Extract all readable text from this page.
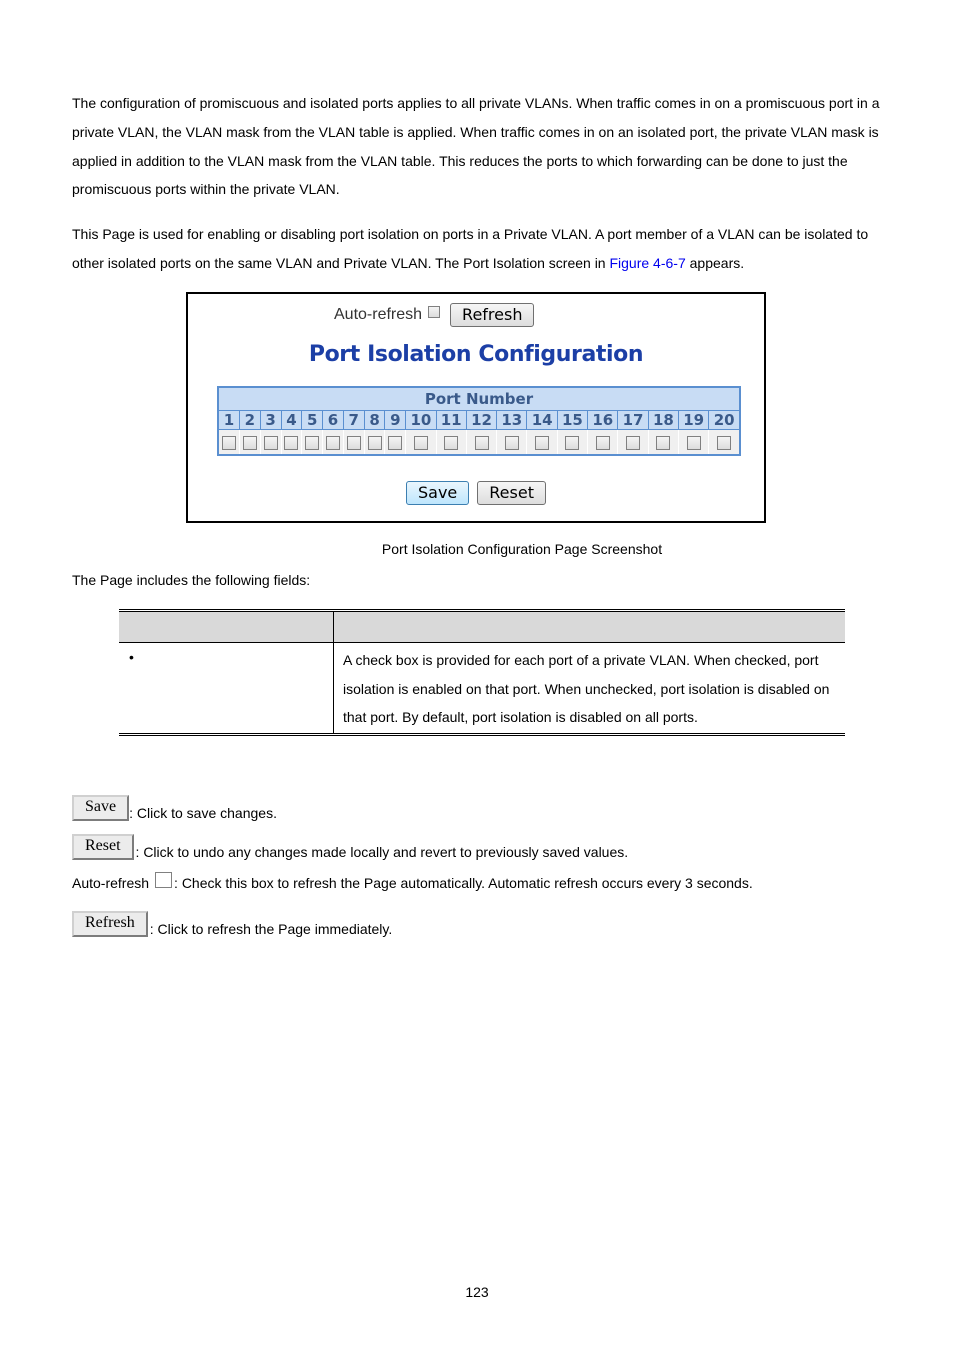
The configuration of promiscuous and isolated ports applies to all private VLANs. When traffic comes in on a promiscuous port in a private VLAN, the VLAN mask from the VLAN table is applied. When traffic comes in on an isolated port, the private VLAN mask is applied in addition to the VLAN mask from the VLAN table. This reduces the ports to which forwarding can be done to just the promiscuous ports within the private VLAN.

This Page is used for enabling or disabling port isolation on ports in a Private VLAN. A port member of a VLAN can be isolated to other isolated ports on the same VLAN and Private VLAN. The Port Isolation screen in Figure 4-6-7 appears.

Auto-refresh	Refresh
Port Isolation Configuration
Port Number																			
1	2	3	4	5	6	7	8	9	10	11	12	13	14	15	16	17	18	19	20

Save	Reset
Port Isolation Configuration Page Screenshot

The Page includes the following fields:

•	A check box is provided for each port of a private VLAN. When checked, port isolation is enabled on that port. When unchecked, port isolation is disabled on that port. By default, port isolation is disabled on all ports.
Save : Click to save changes.
Reset	: Click to undo any changes made locally and revert to previously saved values.
Auto-refresh : Check this box to refresh the Page automatically. Automatic refresh occurs every 3 seconds.
Refresh	: Click to refresh the Page immediately.
123
